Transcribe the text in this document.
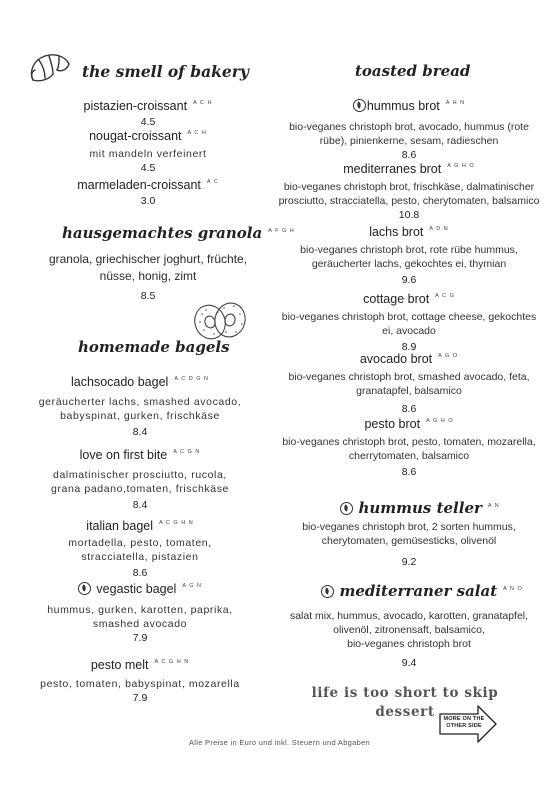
the smell of bakery
pistazien-croissant $^{A C H}$
4.5
nougat-croissant $^{A C H}$
mit mandeln verfeinert
4.5
marmeladen-croissant $^{A C}$
3.0
hausgemachtes granola $^{A F G H}$
granola, griechischer joghurt, früchte,
nüsse, honig, zimt
8.5
homemade bagels
lachsocado bagel $^{A C D G N}$
geräucherter lachs, smashed avocado,
babyspinat, gurken, frischkäse
8.4
love on first bite $^{A C G N}$
dalmatinischer prosciutto, rucola,
grana padano,tomaten, frischkäse
8.4
italian bagel $^{A C G H N}$
mortadella, pesto, tomaten,
stracciatella, pistazien
8.6
vegastic bagel $^{A G N}$
hummus, gurken, karotten, paprika,
smashed avocado
7.9
pesto melt $^{A C G H N}$
pesto, tomaten, babyspinat, mozarella
7.9
toasted bread
hummus brot $^{A H N}$
bio-veganes christoph brot, avocado, hummus (rote
rübe), pinienkerne, sesam, radieschen
8.6
mediterranes brot $^{A G H O}$
bio-veganes christoph brot, frischkäse, dalmatinischer
prosciutto, stracciatella, pesto, cherytomaten, balsamico
10.8
lachs brot $^{A D N}$
bio-veganes christoph brot, rote rübe hummus,
geräucherter lachs, gekochtes ei, thymian
9.6
cottage brot $^{A C G}$
bio-veganes christoph brot, cottage cheese, gekochtes
ei, avocado
8.9
avocado brot $^{A G O}$
bio-veganes christoph brot, smashed avocado, feta,
granatapfel, balsamico
8.6
pesto brot $^{A G H O}$
bio-veganes christoph brot, pesto, tomaten, mozarella,
cherrytomaten, balsamico
8.6
hummus teller $^{A N}$
bio-veganes christoph brot, 2 sorten hummus,
cherytomaten, gemüsesticks, olivenöl
9.2
mediterraner salat $^{A N O}$
salat mix, hummus, avocado, karotten, granatapfel,
olivenöl, zitronensaft, balsamico,
bio-veganes christoph brot
9.4
life is too short to skip
dessert	MORE ON THE
OTHER SIDE
Alle Preise in Euro und inkl. Steuern und Abgaben
